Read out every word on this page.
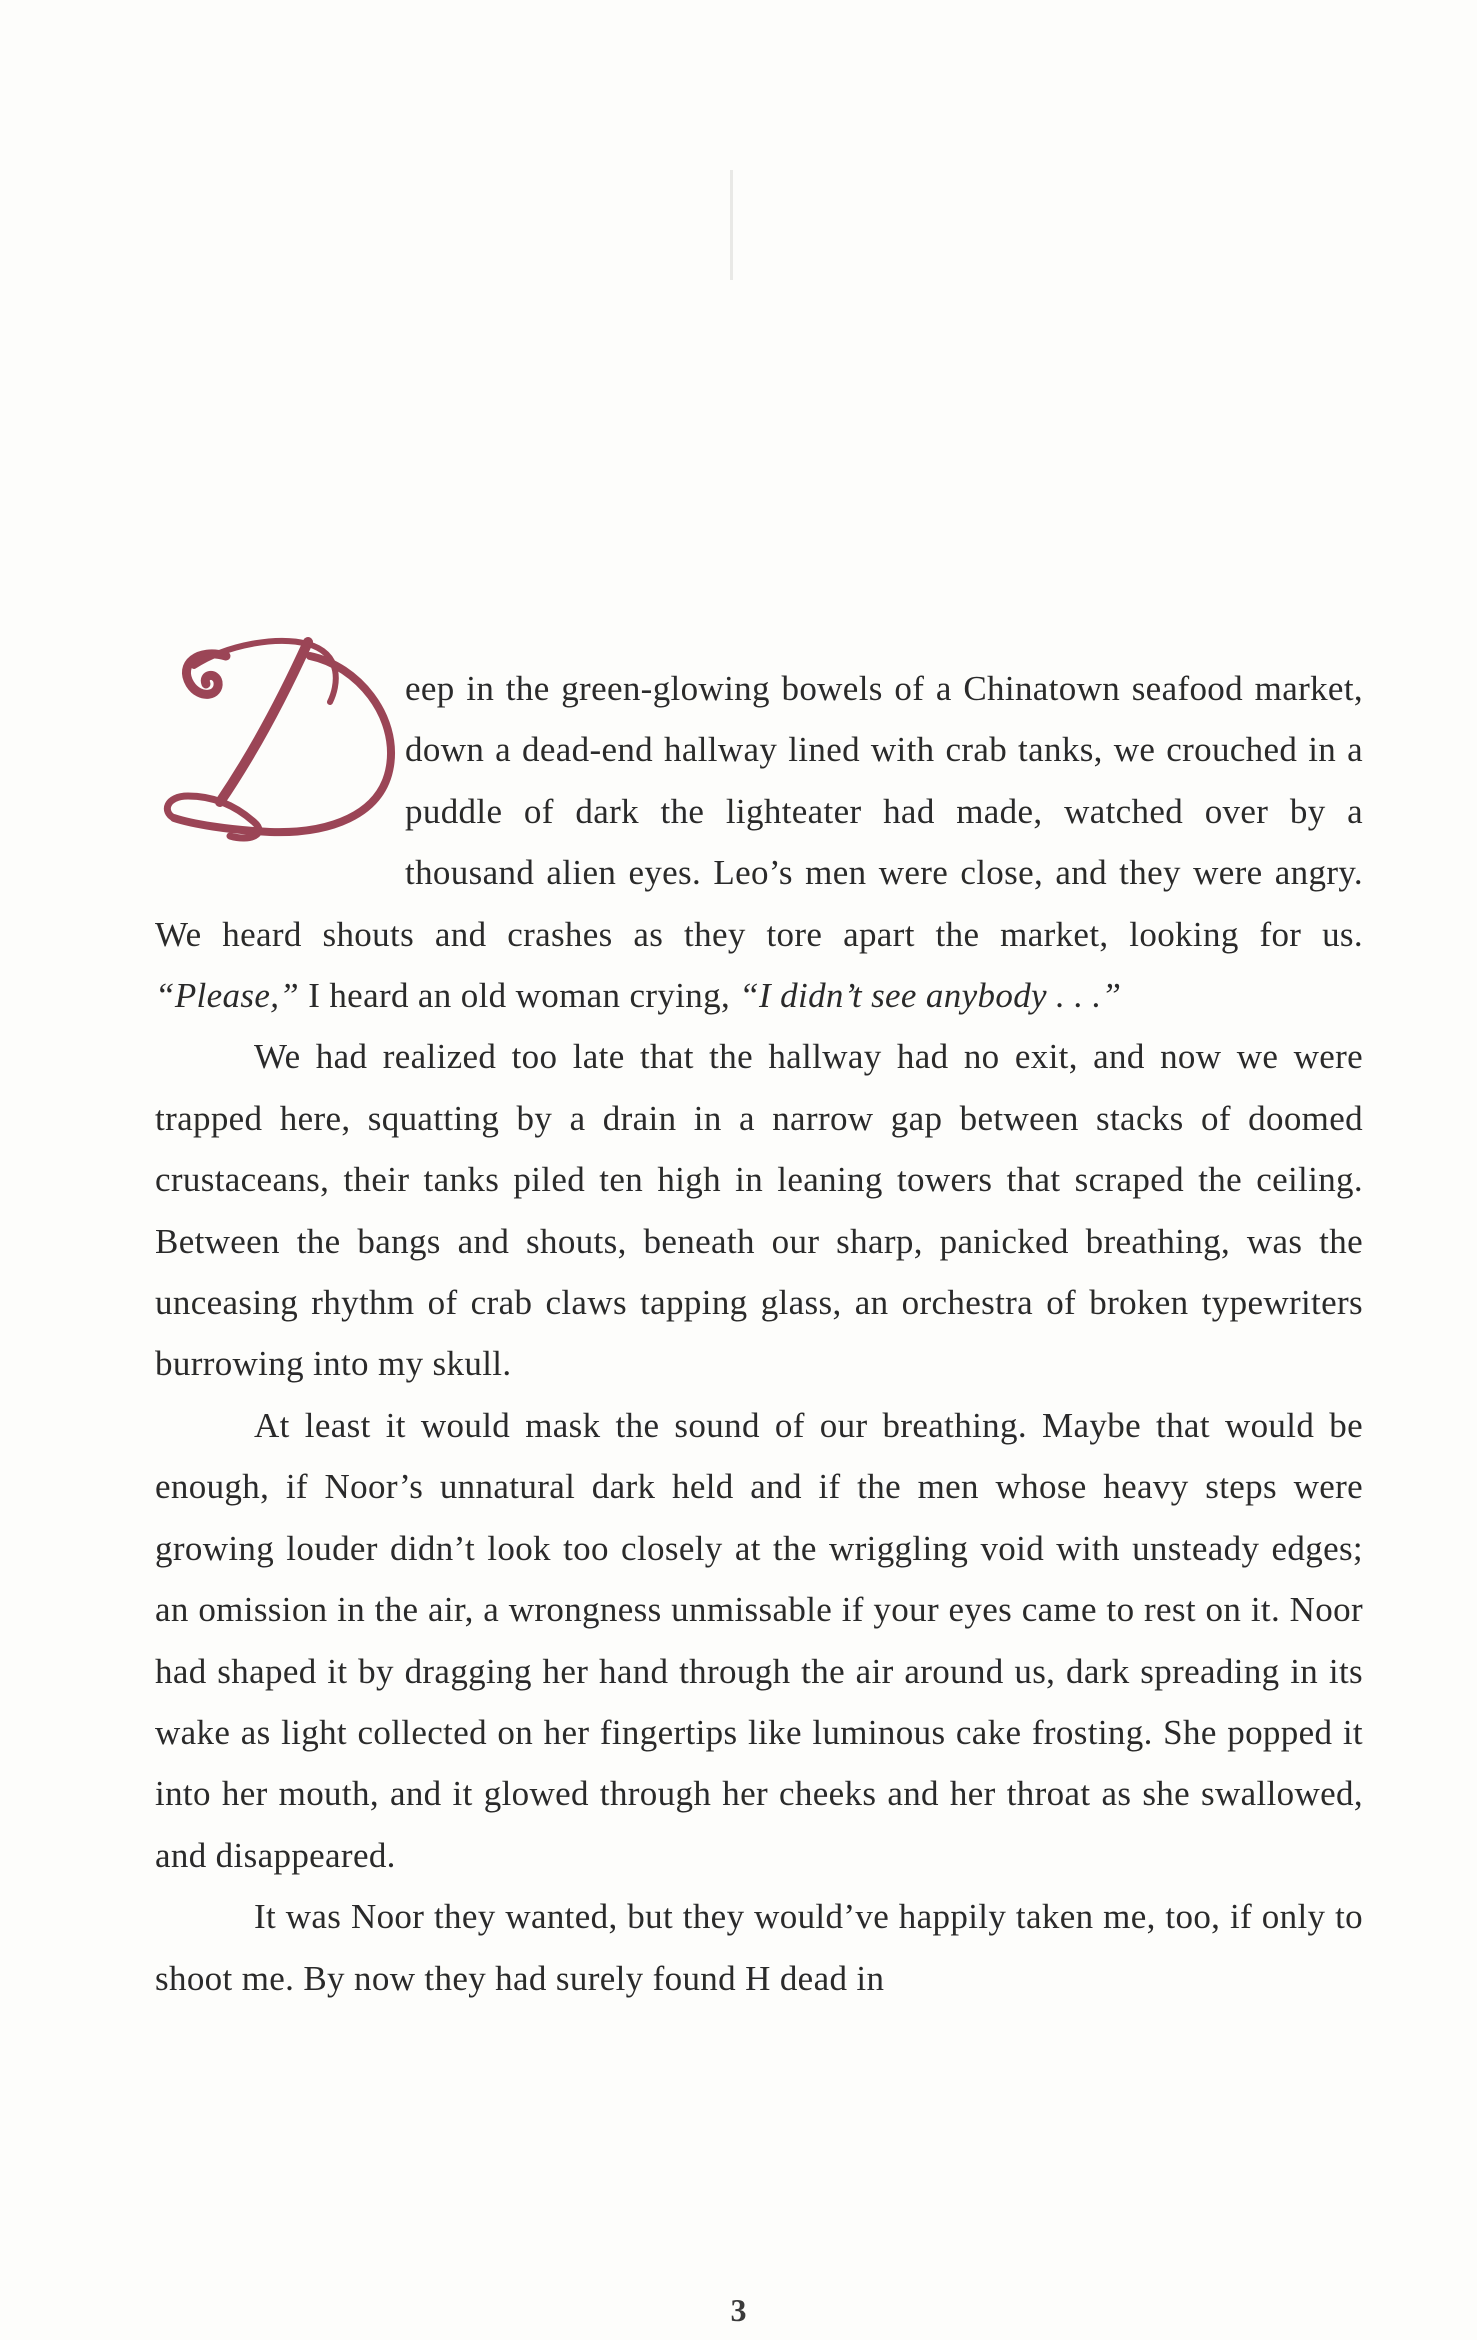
eep in the green-glowing bowels of a Chinatown seafood market, down a dead-end hallway lined with crab tanks, we crouched in a puddle of dark the lighteater had made, watched over by a thousand alien eyes. Leo’s men were close, and they were angry. We heard shouts and crashes as they tore apart the market, looking for us. “Please,” I heard an old woman crying, “I didn’t see anybody . . .”

We had realized too late that the hallway had no exit, and now we were trapped here, squatting by a drain in a narrow gap between stacks of doomed crustaceans, their tanks piled ten high in leaning towers that scraped the ceiling. Between the bangs and shouts, beneath our sharp, panicked breathing, was the unceasing rhythm of crab claws tapping glass, an orchestra of broken typewriters burrowing into my skull.

At least it would mask the sound of our breathing. Maybe that would be enough, if Noor’s unnatural dark held and if the men whose heavy steps were growing louder didn’t look too closely at the wriggling void with unsteady edges; an omission in the air, a wrongness unmissable if your eyes came to rest on it. Noor had shaped it by dragging her hand through the air around us, dark spreading in its wake as light collected on her fingertips like luminous cake frosting. She popped it into her mouth, and it glowed through her cheeks and her throat as she swallowed, and disappeared.

It was Noor they wanted, but they would’ve happily taken me, too, if only to shoot me. By now they had surely found H dead in

3
